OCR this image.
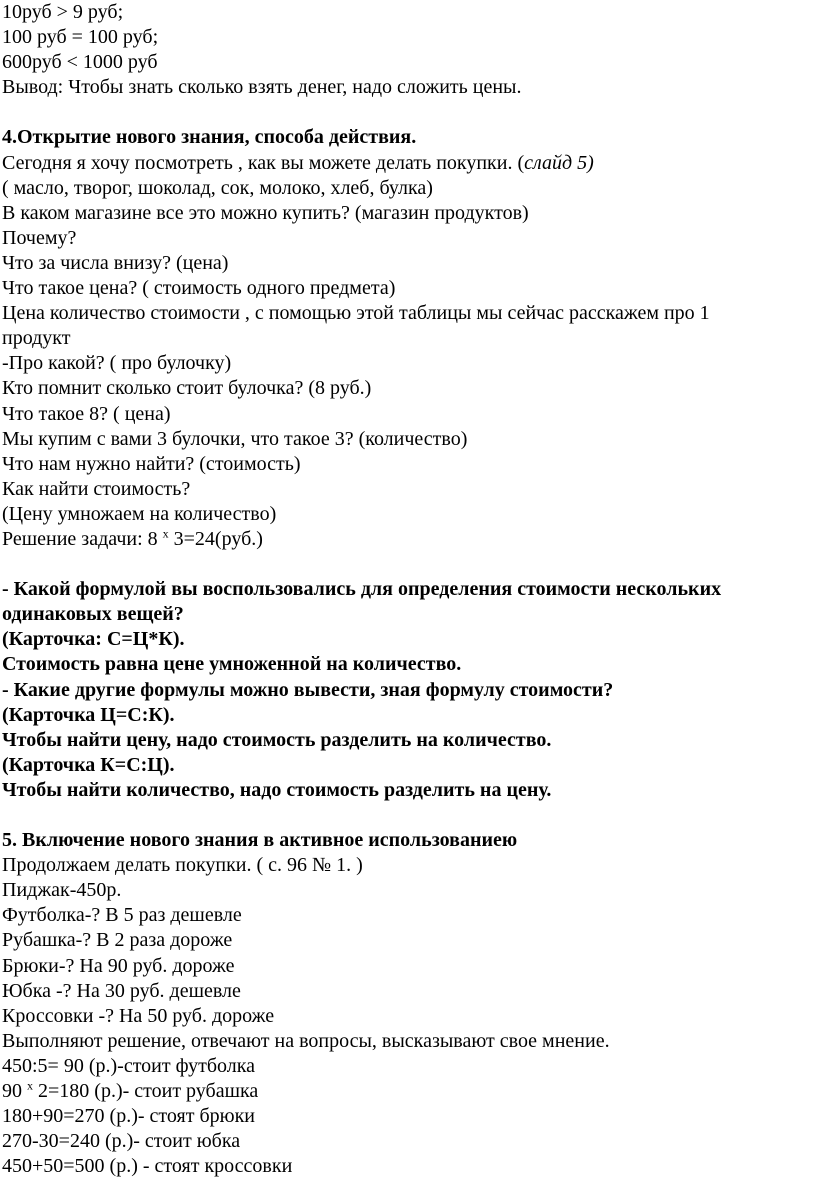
10руб > 9 руб;
100 руб = 100 руб;
600руб < 1000 руб
Вывод: Чтобы знать сколько взять денег, надо сложить цены.
4.Открытие нового знания, способа действия.
Сегодня я хочу посмотреть , как вы можете делать покупки. (слайд 5)
( масло, творог, шоколад, сок, молоко, хлеб, булка)
В каком магазине все это можно купить? (магазин продуктов)
Почему?
Что за числа внизу? (цена)
Что такое цена? ( стоимость одного предмета)
Цена количество стоимости , с помощью этой таблицы мы сейчас расскажем про 1
продукт
-Про какой? ( про булочку)
Кто помнит сколько стоит булочка? (8 руб.)
Что такое 8? ( цена)
Мы купим с вами 3 булочки, что такое 3? (количество)
Что нам нужно найти? (стоимость)
Как найти стоимость?
(Цену умножаем на количество)
Решение задачи: 8 $^х$ 3=24(руб.)
- Какой формулой вы воспользовались для определения стоимости нескольких
одинаковых вещей?
(Карточка: С=Ц*К).
Стоимость равна цене умноженной на количество.
- Какие другие формулы можно вывести, зная формулу стоимости?
(Карточка Ц=С:К).
Чтобы найти цену, надо стоимость разделить на количество.
(Карточка К=С:Ц).
Чтобы найти количество, надо стоимость разделить на цену.
5. Включение нового знания в активное использованиею
Продолжаем делать покупки. ( с. 96 № 1. )
Пиджак-450р.
Футболка-? В 5 раз дешевле
Рубашка-? В 2 раза дороже
Брюки-? На 90 руб. дороже
Юбка -? На 30 руб. дешевле
Кроссовки -? На 50 руб. дороже
Выполняют решение, отвечают на вопросы, высказывают свое мнение.
450:5= 90 (р.)-стоит футболка
90 $^х$ 2=180 (р.)- стоит рубашка
180+90=270 (р.)- стоят брюки
270-30=240 (р.)- стоит юбка
450+50=500 (р.) - стоят кроссовки
